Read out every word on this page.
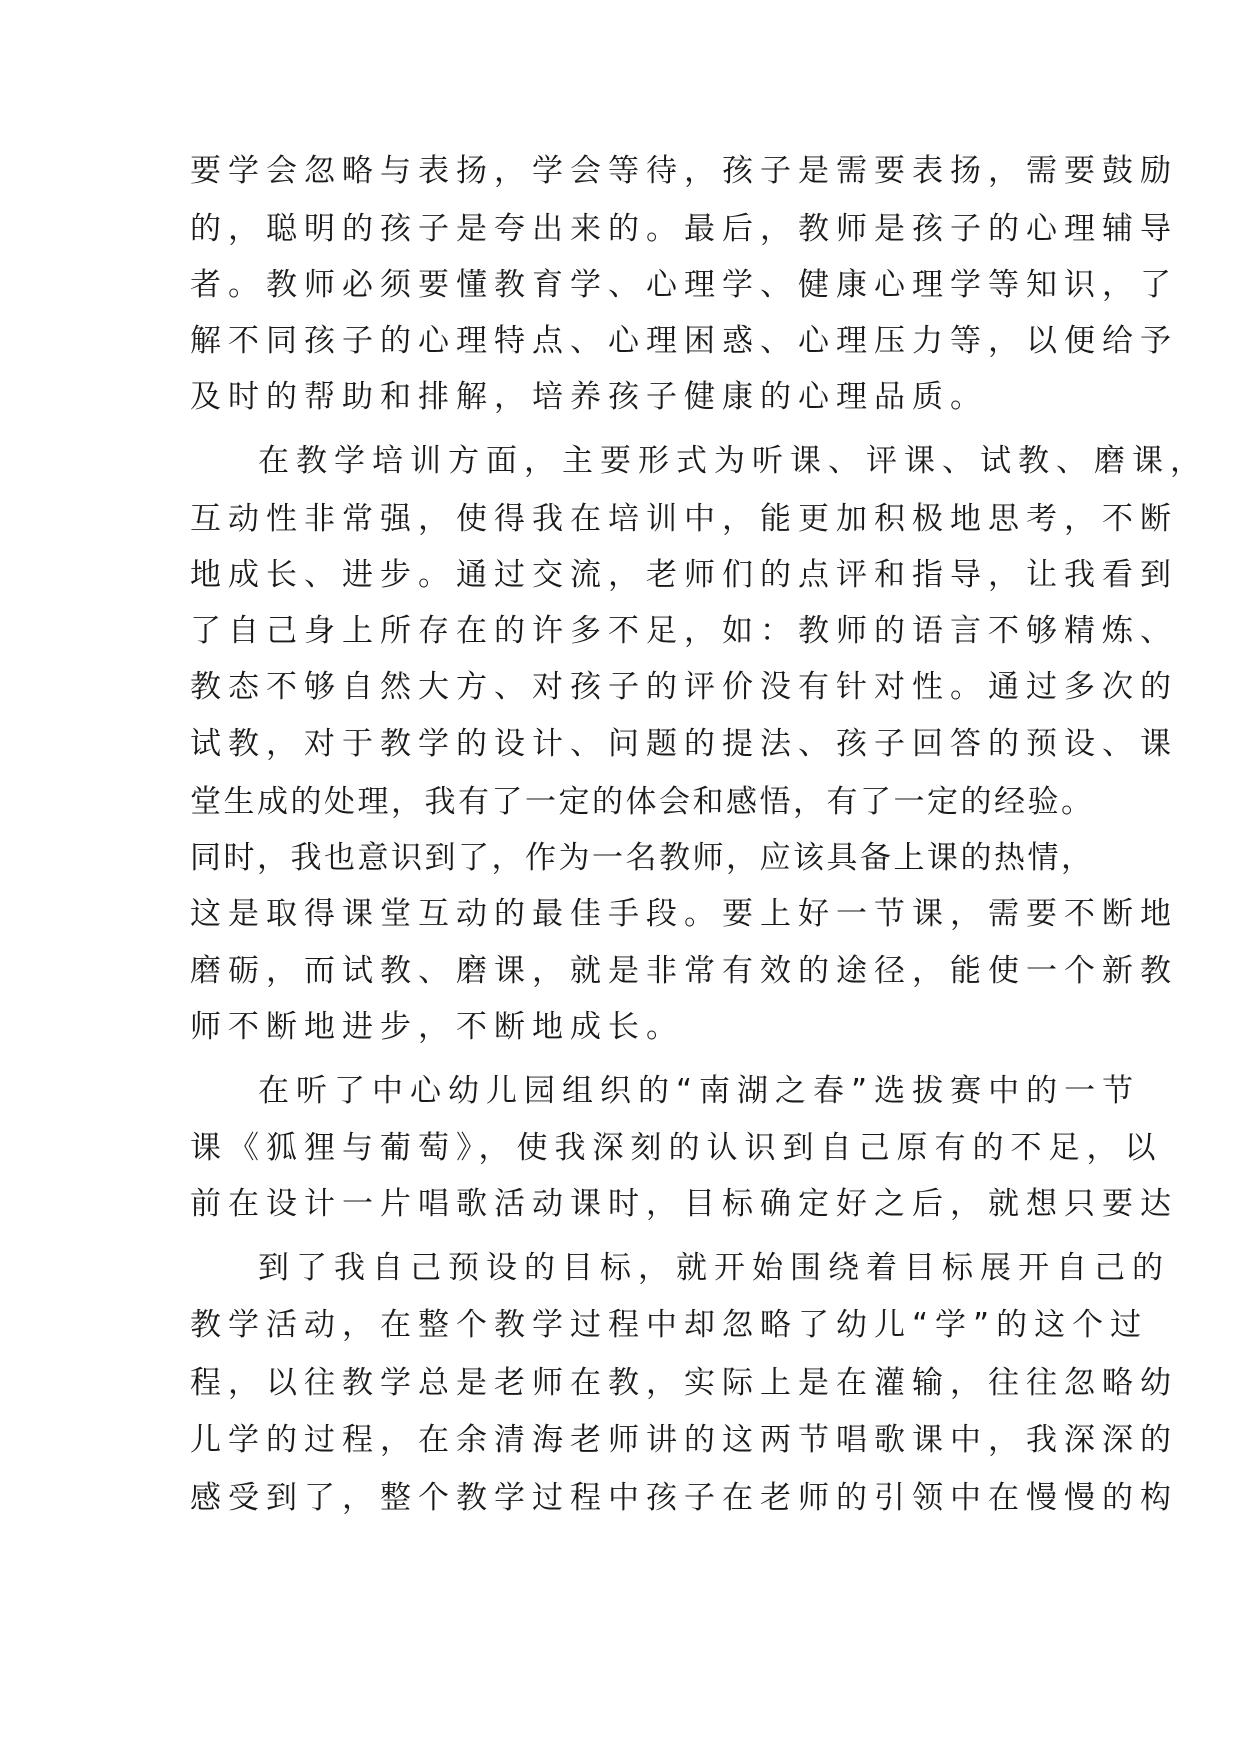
要学会忽略与表扬，学会等待，孩子是需要表扬，需要鼓励
的，聪明的孩子是夸出来的。最后，教师是孩子的心理辅导
者。教师必须要懂教育学、心理学、健康心理学等知识，了
解不同孩子的心理特点、心理困惑、心理压力等，以便给予
及时的帮助和排解，培养孩子健康的心理品质。
在教学培训方面，主要形式为听课、评课、试教、磨课，
互动性非常强，使得我在培训中，能更加积极地思考，不断
地成长、进步。通过交流，老师们的点评和指导，让我看到
了自己身上所存在的许多不足，如：教师的语言不够精炼、
教态不够自然大方、对孩子的评价没有针对性。通过多次的
试教，对于教学的设计、问题的提法、孩子回答的预设、课
堂生成的处理，我有了一定的体会和感悟，有了一定的经验。
同时，我也意识到了，作为一名教师，应该具备上课的热情，
这是取得课堂互动的最佳手段。要上好一节课，需要不断地
磨砺，而试教、磨课，就是非常有效的途径，能使一个新教
师不断地进步，不断地成长。
在听了中心幼儿园组织的“南湖之春”选拔赛中的一节
课《狐狸与葡萄》，使我深刻的认识到自己原有的不足，以
前在设计一片唱歌活动课时，目标确定好之后，就想只要达
到了我自己预设的目标，就开始围绕着目标展开自己的
教学活动，在整个教学过程中却忽略了幼儿“学”的这个过
程，以往教学总是老师在教，实际上是在灌输，往往忽略幼
儿学的过程，在余清海老师讲的这两节唱歌课中，我深深的
感受到了，整个教学过程中孩子在老师的引领中在慢慢的构
